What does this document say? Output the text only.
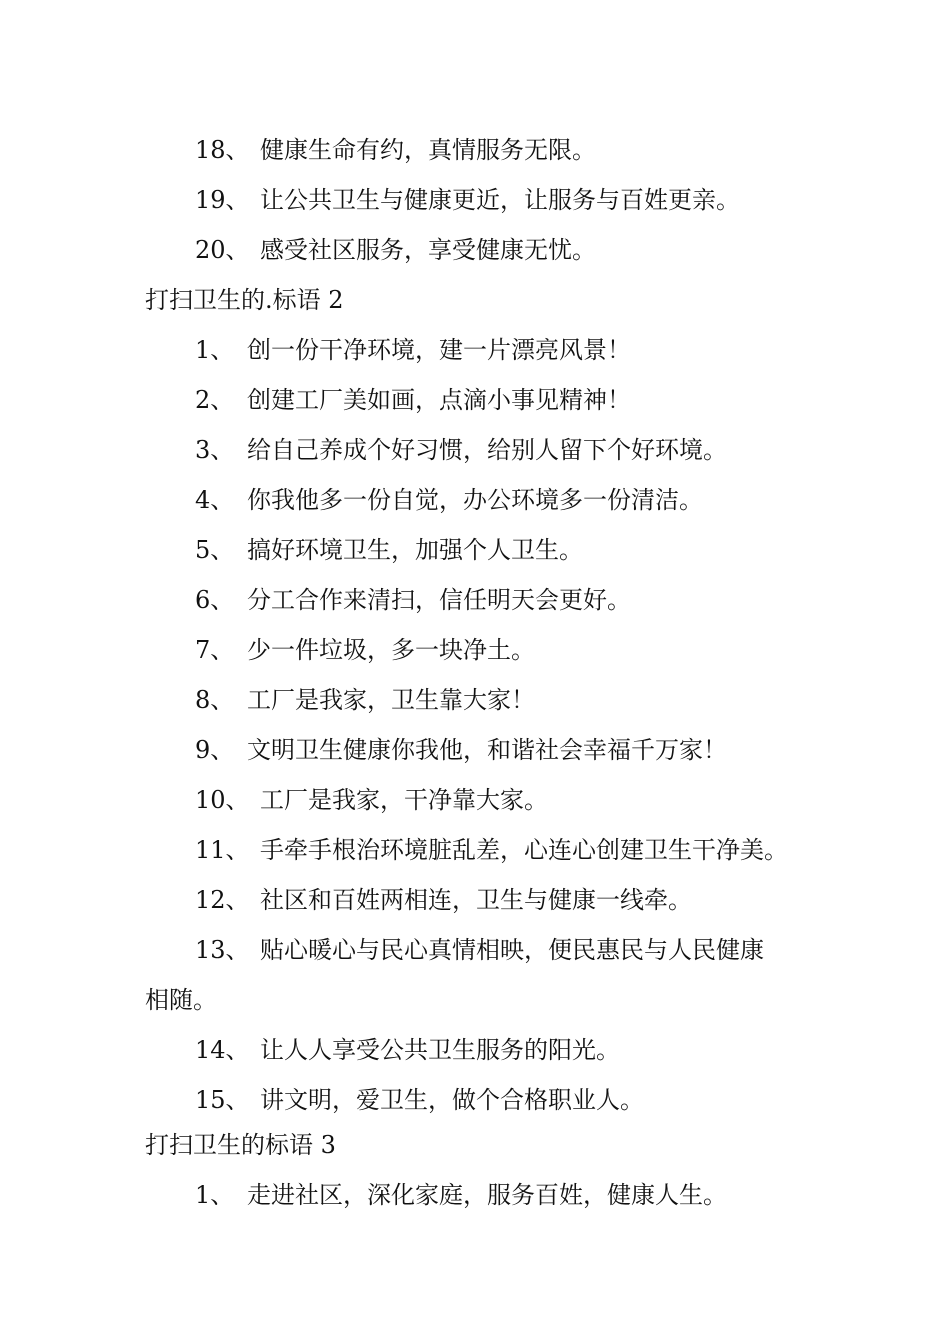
18、 健康生命有约，真情服务无限。
19、 让公共卫生与健康更近，让服务与百姓更亲。
20、 感受社区服务，享受健康无忧。
打扫卫生的.标语 2
1、 创一份干净环境，建一片漂亮风景！
2、 创建工厂美如画，点滴小事见精神！
3、 给自己养成个好习惯，给别人留下个好环境。
4、 你我他多一份自觉，办公环境多一份清洁。
5、 搞好环境卫生，加强个人卫生。
6、 分工合作来清扫，信任明天会更好。
7、 少一件垃圾，多一块净土。
8、 工厂是我家，卫生靠大家！
9、 文明卫生健康你我他，和谐社会幸福千万家！
10、 工厂是我家，干净靠大家。
11、 手牵手根治环境脏乱差，心连心创建卫生干净美。
12、 社区和百姓两相连，卫生与健康一线牵。
13、 贴心暖心与民心真情相映，便民惠民与人民健康
相随。
14、 让人人享受公共卫生服务的阳光。
15、 讲文明，爱卫生，做个合格职业人。
打扫卫生的标语 3
1、 走进社区，深化家庭，服务百姓，健康人生。
